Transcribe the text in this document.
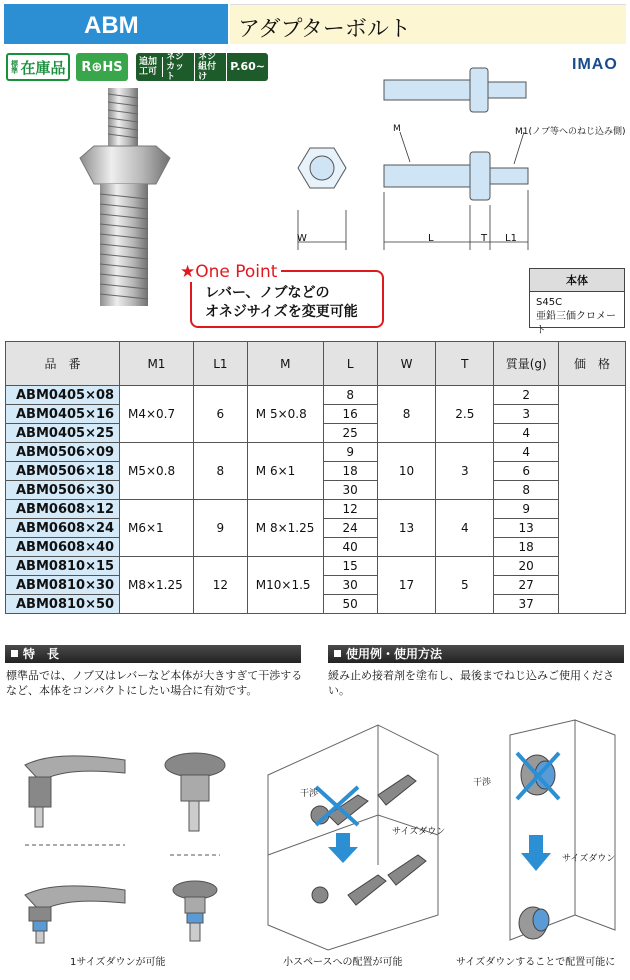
ABM	アダプターボルト
標準 在庫品	R⊕HS	追加工可
ネジカット
ネジ組付け
P.60~	IMAO
M	M1(ノブ等へのねじ込み側)
W	L	T L1
★One Point
レバー、ノブなどの
オネジサイズを変更可能
本体
S45C
亜鉛三価クロメート
品　番	M1	L1	M	L	W	T	質量(g)	価　格
ABM0405×08	M4×0.7	6	M 5×0.8	8	8	2.5	2	
ABM0405×16				16			3	
ABM0405×25				25			4	
ABM0506×09	M5×0.8	8	M 6×1	9	10	3	4	
ABM0506×18				18			6	
ABM0506×30				30			8	
ABM0608×12	M6×1	9	M 8×1.25	12	13	4	9	
ABM0608×24				24			13	
ABM0608×40				40			18	
ABM0810×15	M8×1.25	12	M10×1.5	15	17	5	20	
ABM0810×30				30			27	
ABM0810×50				50			37	
特　長	使用例・使用方法
標準品では、ノブ又はレバーなど本体が大きすぎて干渉する
など、本体をコンパクトにしたい場合に有効です。
緩み止め接着剤を塗布し、最後までねじ込みご使用ください。
1サイズダウンが可能
干渉
サイズダウン
小スペースへの配置が可能
干渉
サイズダウン
サイズダウンすることで配置可能に
